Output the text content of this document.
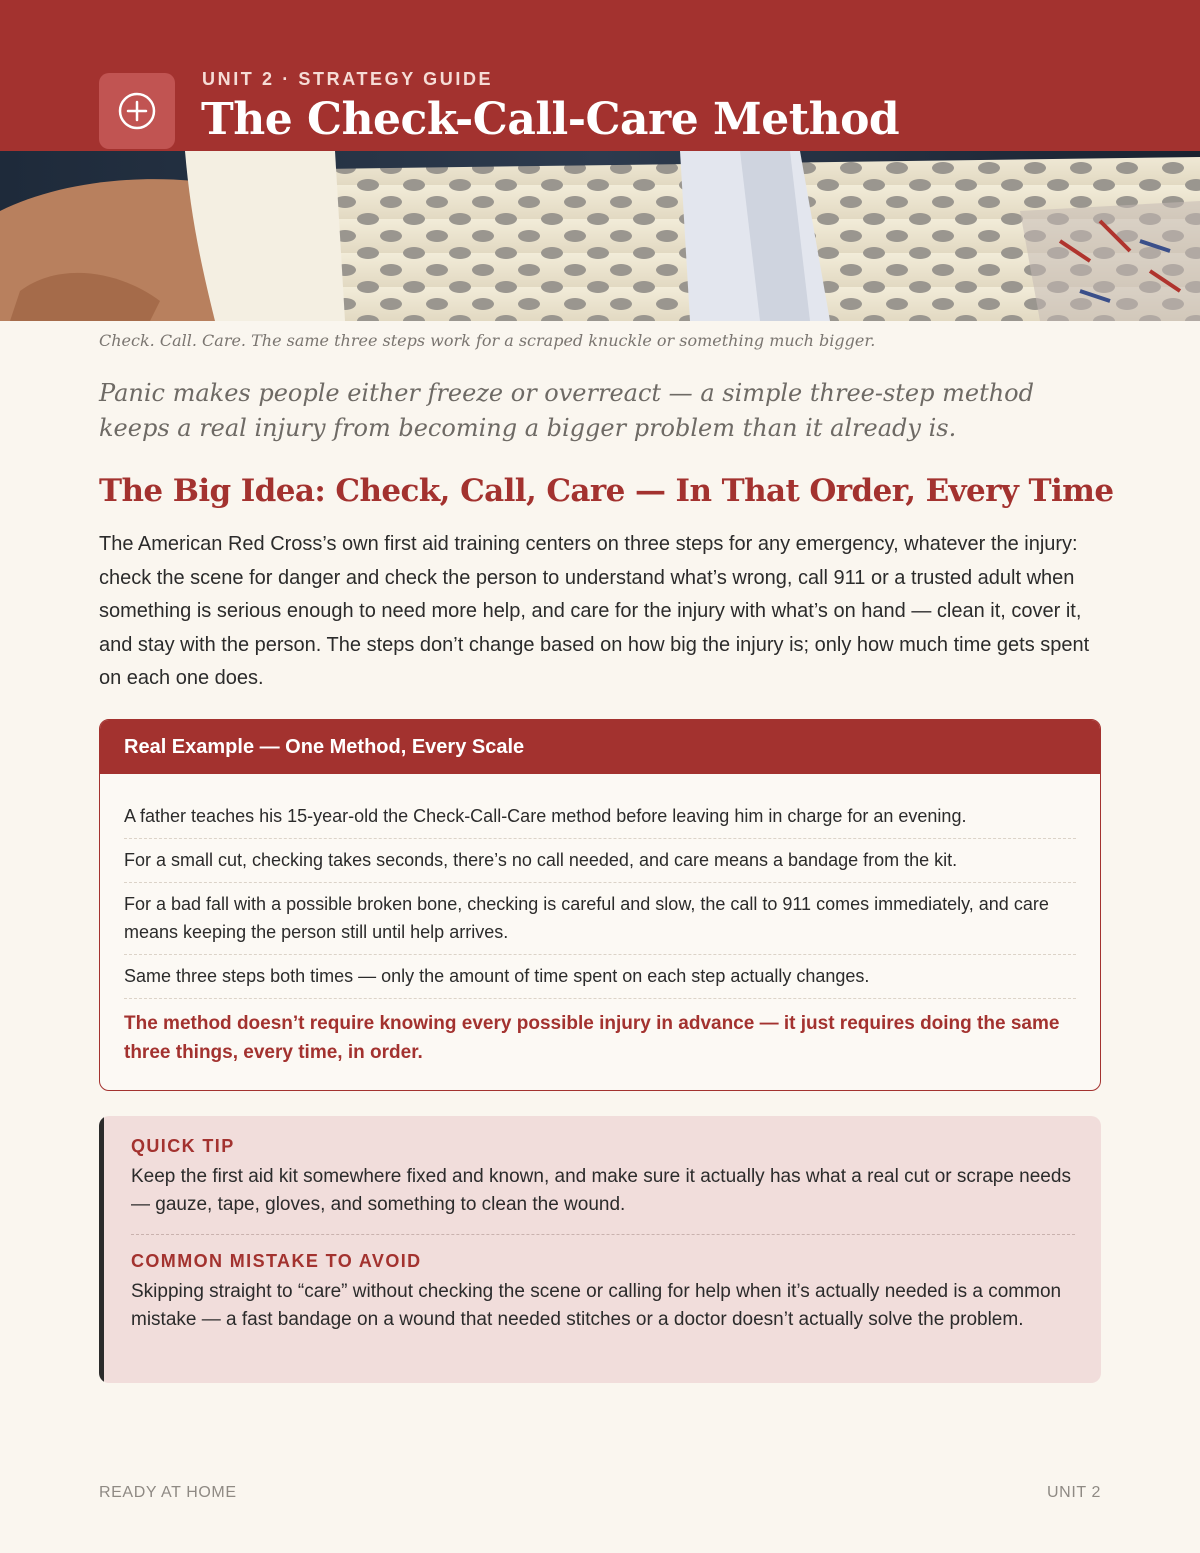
UNIT 2 · STRATEGY GUIDE
The Check-Call-Care Method

Check. Call. Care. The same three steps work for a scraped knuckle or something much bigger.

Panic makes people either freeze or overreact — a simple three-step method keeps a real injury from becoming a bigger problem than it already is.

The Big Idea: Check, Call, Care — In That Order, Every Time

The American Red Cross’s own first aid training centers on three steps for any emergency, whatever the injury: check the scene for danger and check the person to understand what’s wrong, call 911 or a trusted adult when something is serious enough to need more help, and care for the injury with what’s on hand — clean it, cover it, and stay with the person. The steps don’t change based on how big the injury is; only how much time gets spent on each one does.

Real Example — One Method, Every Scale
A father teaches his 15-year-old the Check-Call-Care method before leaving him in charge for an evening.
For a small cut, checking takes seconds, there’s no call needed, and care means a bandage from the kit.
For a bad fall with a possible broken bone, checking is careful and slow, the call to 911 comes immediately, and care means keeping the person still until help arrives.
Same three steps both times — only the amount of time spent on each step actually changes.

The method doesn’t require knowing every possible injury in advance — it just requires doing the same three things, every time, in order.

QUICK TIP

Keep the first aid kit somewhere fixed and known, and make sure it actually has what a real cut or scrape needs — gauze, tape, gloves, and something to clean the wound.

COMMON MISTAKE TO AVOID

Skipping straight to “care” without checking the scene or calling for help when it’s actually needed is a common mistake — a fast bandage on a wound that needed stitches or a doctor doesn’t actually solve the problem.

READY AT HOME	UNIT 2
